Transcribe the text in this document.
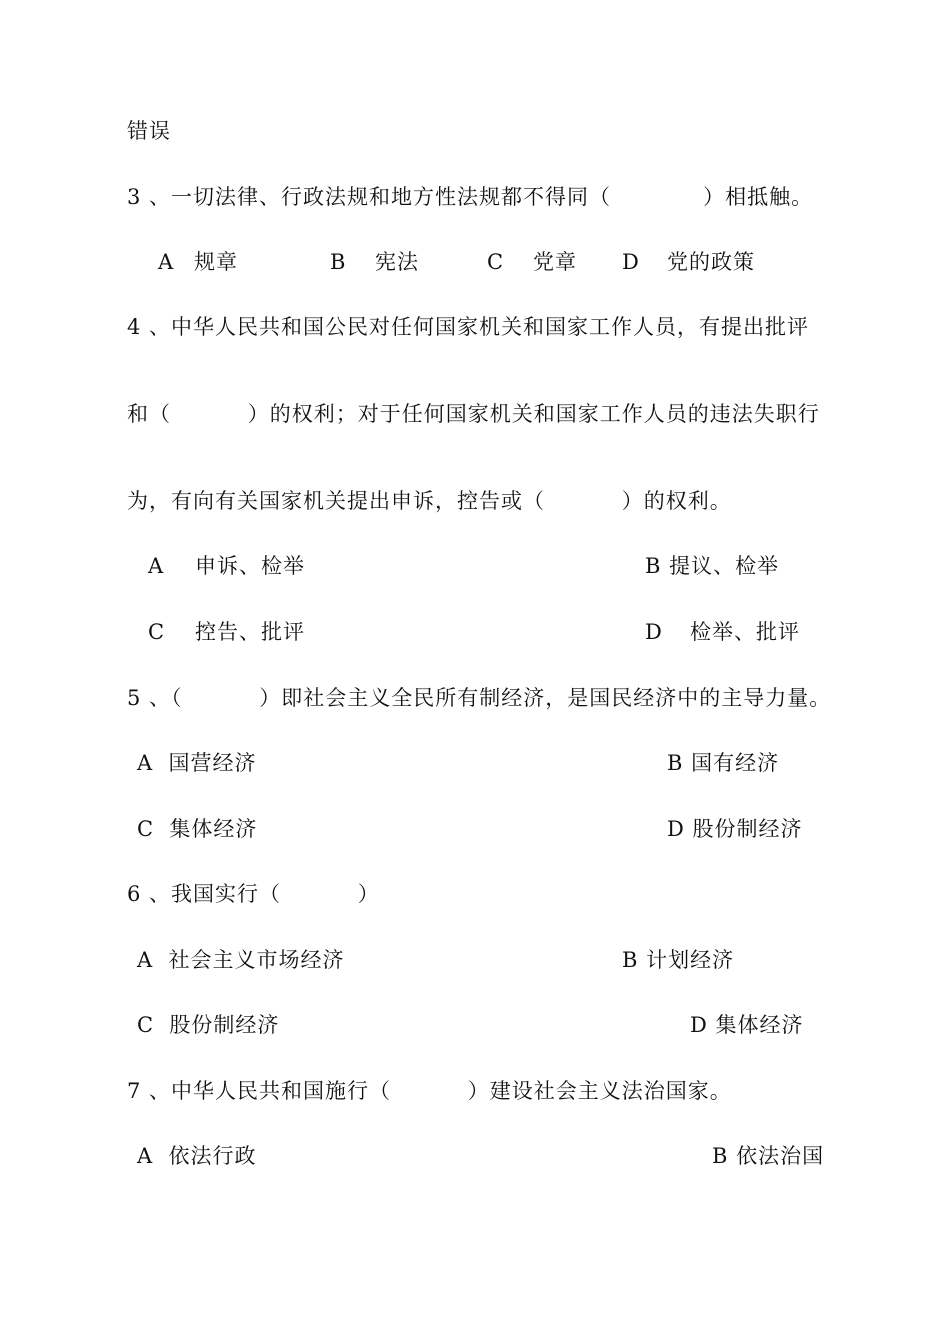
错误
3 、一切法律、行政法规和地方性法规都不得同（            ）相抵触。
A 规章	B 宪法	C 党章 D 党的政策
4 、中华人民共和国公民对任何国家机关和国家工作人员，有提出批评
和（          ）的权利；对于任何国家机关和国家工作人员的违法失职行
为，有向有关国家机关提出申诉，控告或（          ）的权利。
A 申诉、检举	B 提议、检举
C 控告、批评	D 检举、批评
5 、（          ）即社会主义全民所有制经济，是国民经济中的主导力量。
A  国营经济	B 国有经济
C  集体经济	D 股份制经济
6 、我国实行（          ）
A  社会主义市场经济	B 计划经济
C  股份制经济	D 集体经济
7 、中华人民共和国施行（          ）建设社会主义法治国家。
A  依法行政	B 依法治国
